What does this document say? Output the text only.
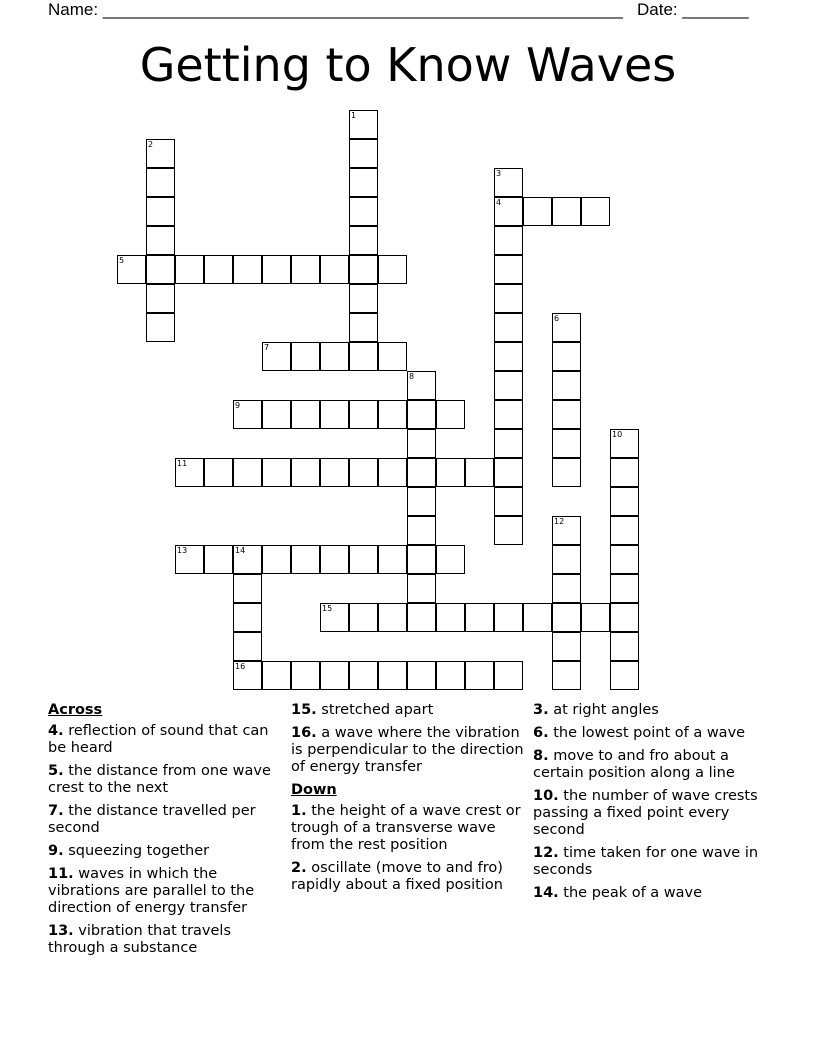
Name: _______________________________________________________ Date: _______
Getting to Know Waves
1
2
3
4
5
6
7
8
9
10
11
12
13	14
16
15
Across
4. reflection of sound that can be heard
5. the distance from one wave crest to the next
7. the distance travelled per second
9. squeezing together
11. waves in which the vibrations are parallel to the direction of energy transfer
13. vibration that travels through a substance
15. stretched apart
16. a wave where the vibration is perpendicular to the direction of energy transfer
Down
1. the height of a wave crest or trough of a transverse wave from the rest position
2. oscillate (move to and fro) rapidly about a fixed position
3. at right angles
6. the lowest point of a wave
8. move to and fro about a certain position along a line
10. the number of wave crests passing a fixed point every second
12. time taken for one wave in seconds
14. the peak of a wave
